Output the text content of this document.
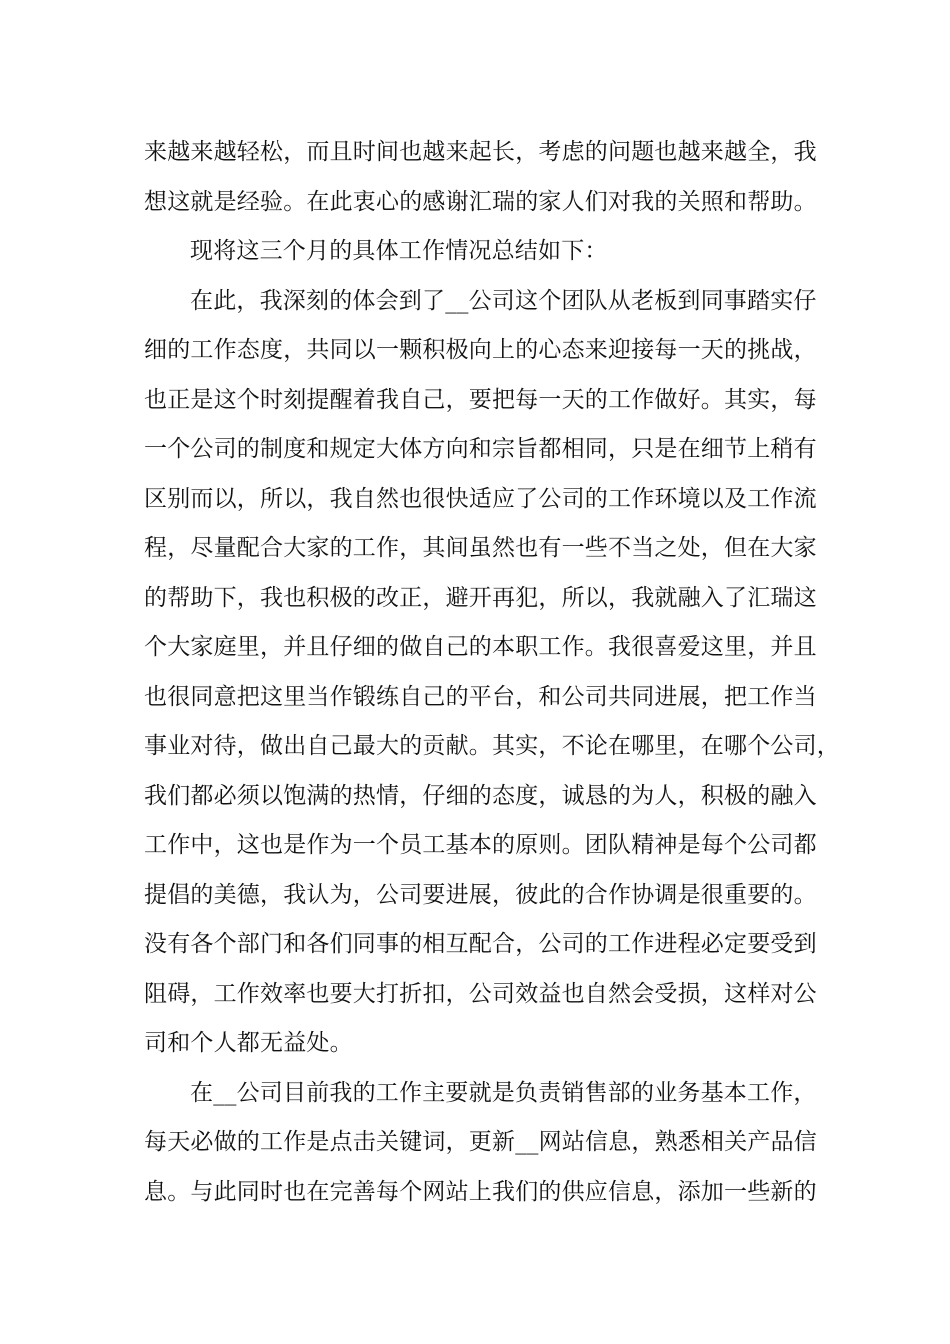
来越来越轻松，而且时间也越来起长，考虑的问题也越来越全，我
想这就是经验。在此衷心的感谢汇瑞的家人们对我的关照和帮助。
现将这三个月的具体工作情况总结如下：
在此，我深刻的体会到了__公司这个团队从老板到同事踏实仔
细的工作态度，共同以一颗积极向上的心态来迎接每一天的挑战，
也正是这个时刻提醒着我自己，要把每一天的工作做好。其实，每
一个公司的制度和规定大体方向和宗旨都相同，只是在细节上稍有
区别而以，所以，我自然也很快适应了公司的工作环境以及工作流
程，尽量配合大家的工作，其间虽然也有一些不当之处，但在大家
的帮助下，我也积极的改正，避开再犯，所以，我就融入了汇瑞这
个大家庭里，并且仔细的做自己的本职工作。我很喜爱这里，并且
也很同意把这里当作锻练自己的平台，和公司共同进展，把工作当
事业对待，做出自己最大的贡献。其实，不论在哪里，在哪个公司，
我们都必须以饱满的热情，仔细的态度，诚恳的为人，积极的融入
工作中，这也是作为一个员工基本的原则。团队精神是每个公司都
提倡的美德，我认为，公司要进展，彼此的合作协调是很重要的。
没有各个部门和各们同事的相互配合，公司的工作进程必定要受到
阻碍，工作效率也要大打折扣，公司效益也自然会受损，这样对公
司和个人都无益处。
在__公司目前我的工作主要就是负责销售部的业务基本工作，
每天必做的工作是点击关键词，更新__网站信息，熟悉相关产品信
息。与此同时也在完善每个网站上我们的供应信息，添加一些新的
